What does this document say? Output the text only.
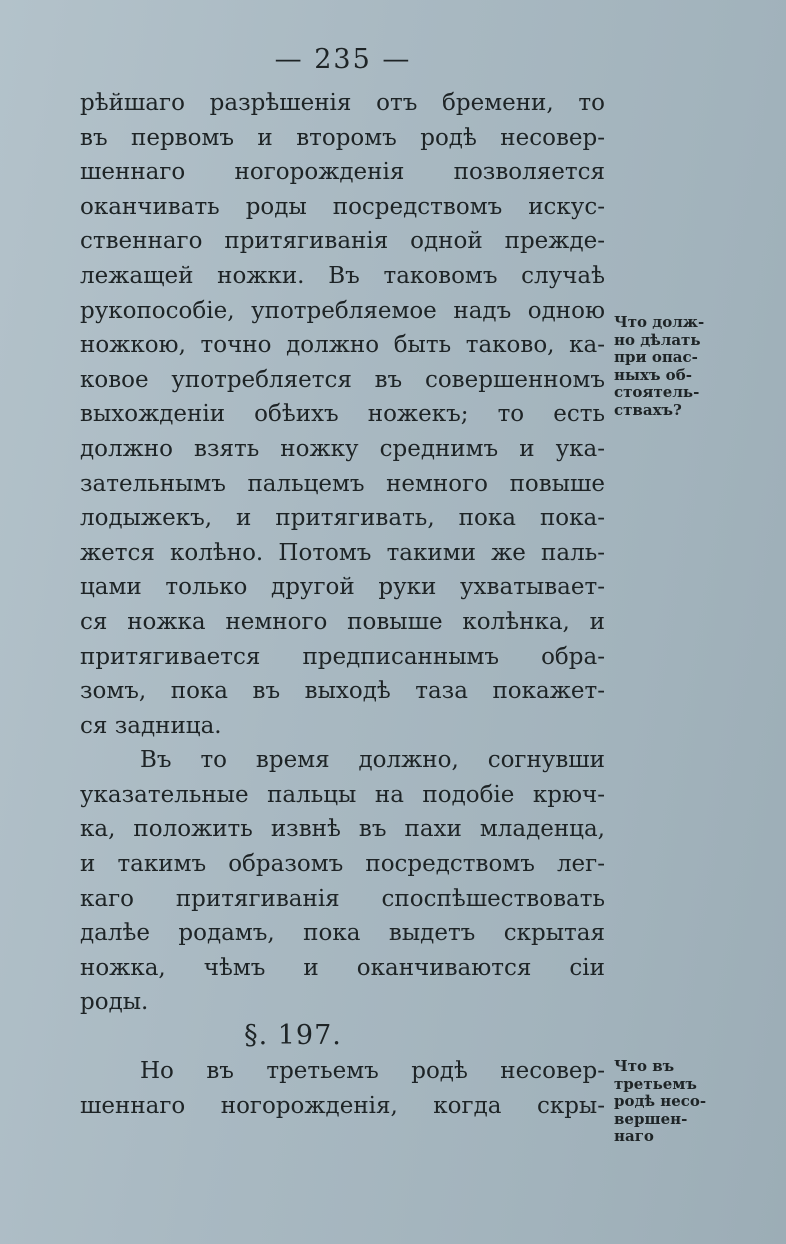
— 235 —
рѣйшаго разрѣшенія отъ бремени, то
въ первомъ и второмъ родѣ несовер-
шеннаго ногорожденія позволяется
оканчивать роды посредствомъ искус-
ственнаго притягиванія одной прежде-
лежащей ножки. Въ таковомъ случаѣ
рукопособіе, употребляемое надъ одною
ножкою, точно должно быть таково, ка-
ковое употребляется въ совершенномъ
выхожденіи обѣихъ ножекъ; то есть
должно взять ножку среднимъ и ука-
зательнымъ пальцемъ немного повыше
лодыжекъ, и притягивать, пока пока-
жется колѣно. Потомъ такими же паль-
цами только другой руки ухватывает-
ся ножка немного повыше колѣнка, и
притягивается предписаннымъ обра-
зомъ, пока въ выходѣ таза покажет-
ся задница.
Въ то время должно, согнувши
указательные пальцы на подобіе крюч-
ка, положить извнѣ въ пахи младенца,
и такимъ образомъ посредствомъ лег-
каго притягиванія споспѣшествовать
далѣе родамъ, пока выдетъ скрытая
ножка, чѣмъ и оканчиваются сіи
роды.
§. 197.
Но въ третьемъ родѣ несовер-
шеннаго ногорожденія, когда скры-
Что долж-
но дѣлать
при опас-
ныхъ об-
стоятель-
ствахъ?
Что въ
третьемъ
родѣ несо-
вершен-
наго
